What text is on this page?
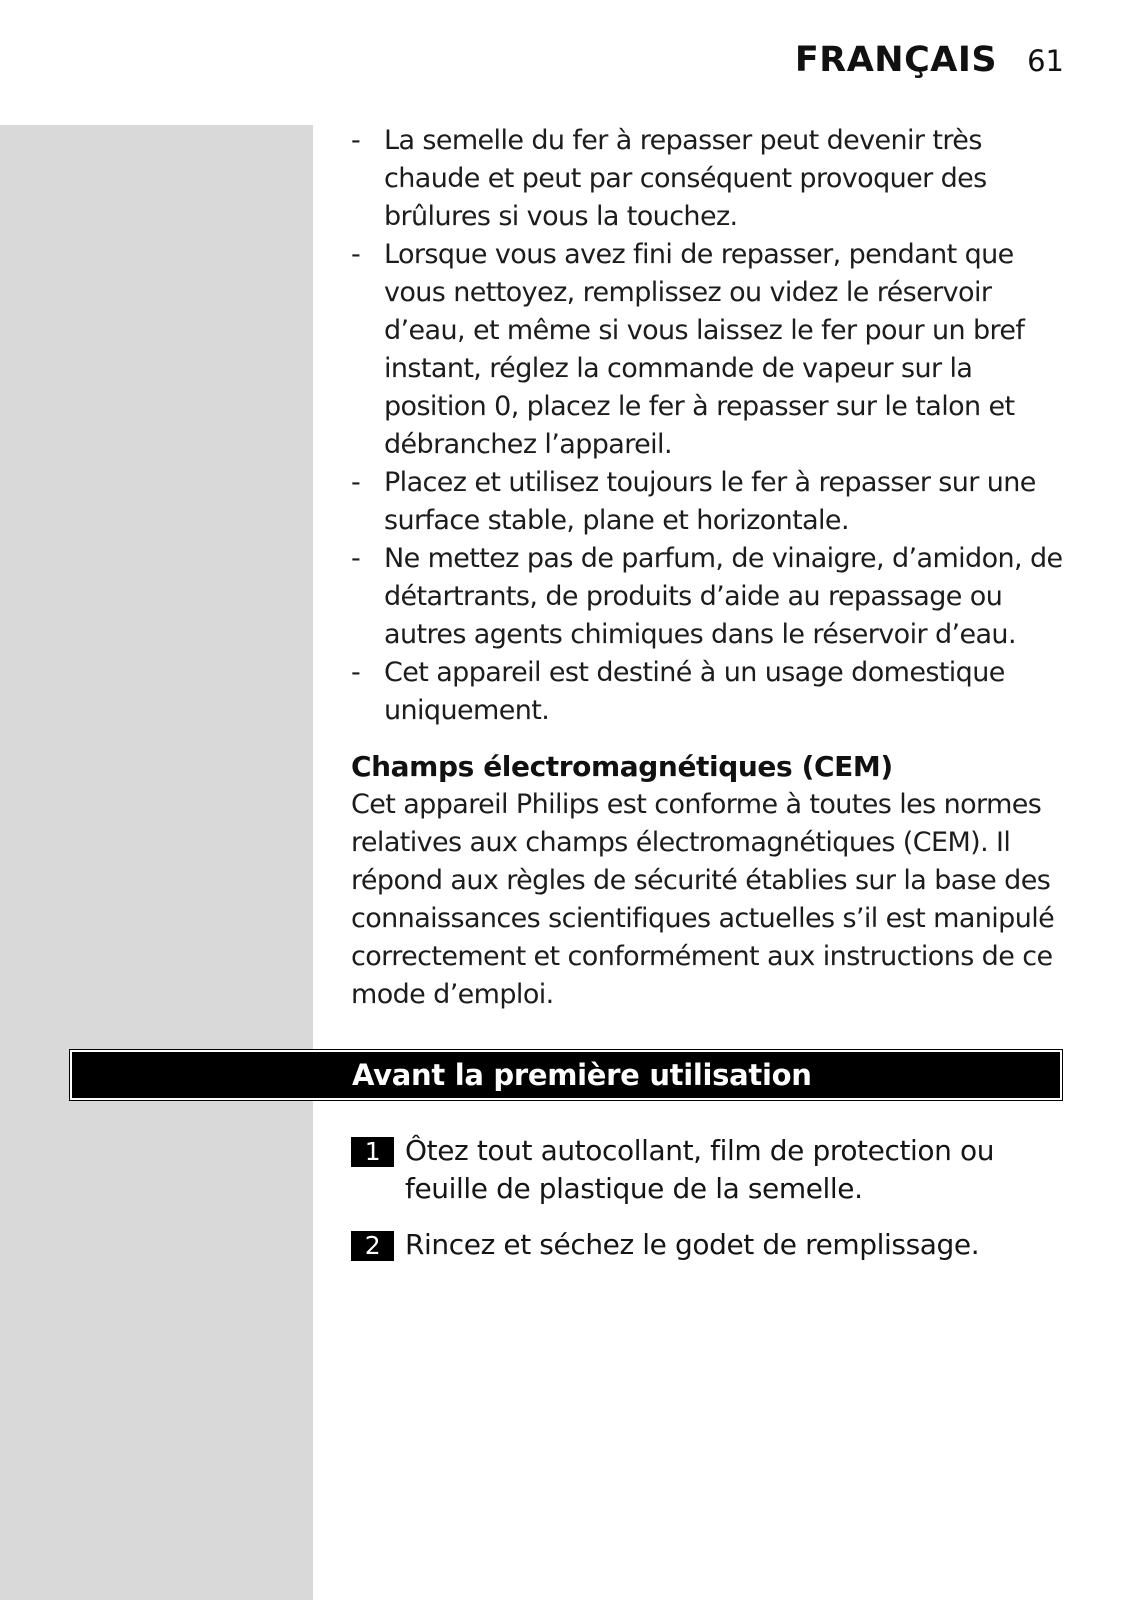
FRANÇAIS 61
- La semelle du fer à repasser peut devenir très chaude et peut par conséquent provoquer des brûlures si vous la touchez.
- Lorsque vous avez fini de repasser, pendant que vous nettoyez, remplissez ou videz le réservoir d’eau, et même si vous laissez le fer pour un bref instant, réglez la commande de vapeur sur la position 0, placez le fer à repasser sur le talon et débranchez l’appareil.
- Placez et utilisez toujours le fer à repasser sur une surface stable, plane et horizontale.
- Ne mettez pas de parfum, de vinaigre, d’amidon, de détartrants, de produits d’aide au repassage ou autres agents chimiques dans le réservoir d’eau.
- Cet appareil est destiné à un usage domestique uniquement.
Champs électromagnétiques (CEM)

Cet appareil Philips est conforme à toutes les normes relatives aux champs électromagnétiques (CEM). Il répond aux règles de sécurité établies sur la base des connaissances scientifiques actuelles s’il est manipulé correctement et conformément aux instructions de ce mode d’emploi.

Avant la première utilisation
1 Ôtez tout autocollant, film de protection ou feuille de plastique de la semelle.
2 Rincez et séchez le godet de remplissage.
